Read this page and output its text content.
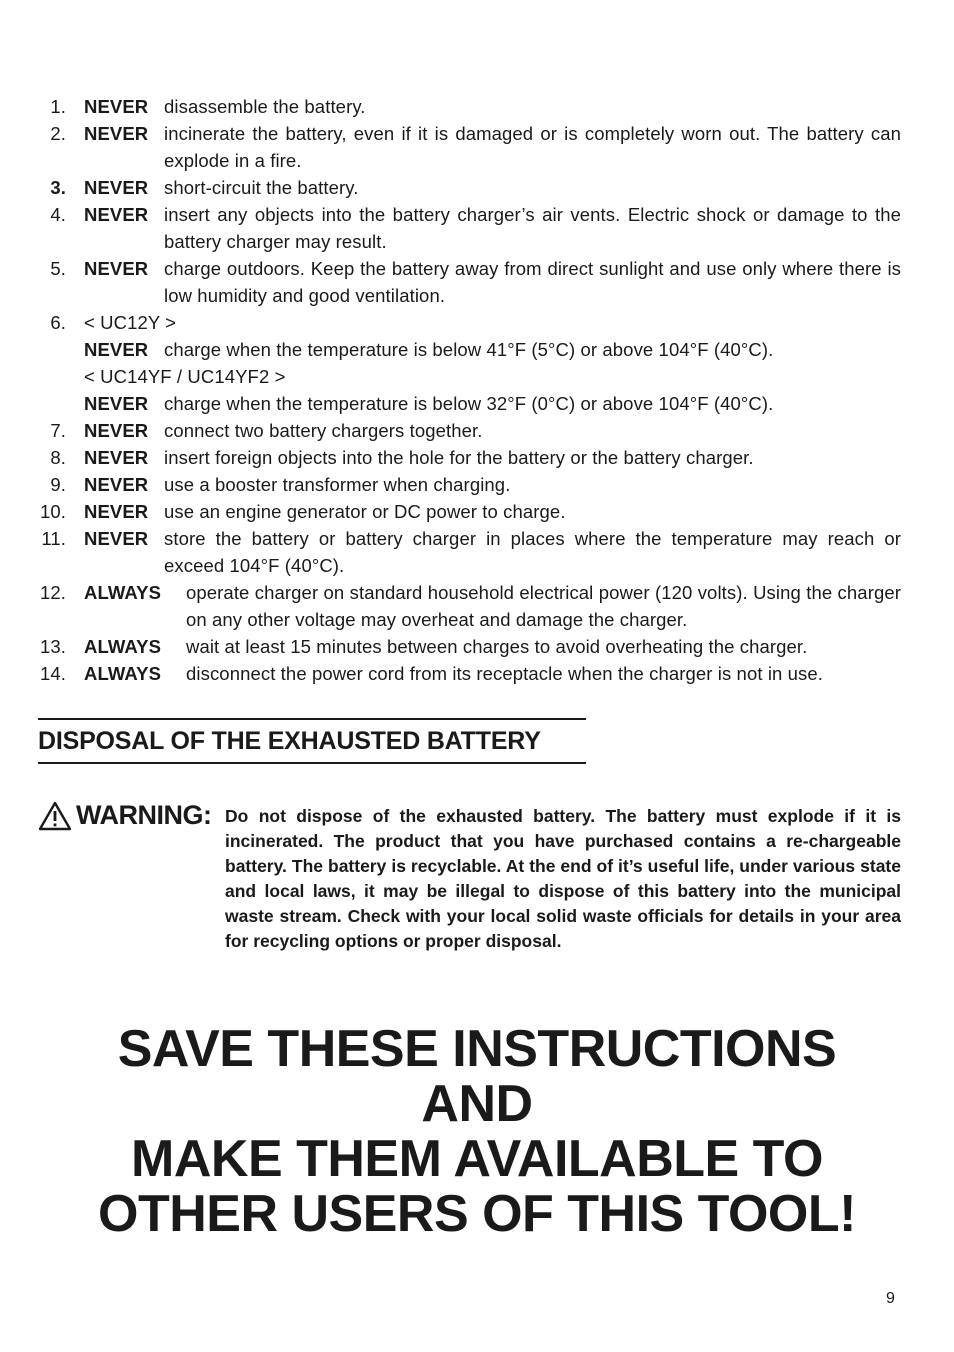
1. NEVER disassemble the battery.
2. NEVER incinerate the battery, even if it is damaged or is completely worn out. The battery can explode in a fire.
3. NEVER short-circuit the battery.
4. NEVER insert any objects into the battery charger’s air vents. Electric shock or damage to the battery charger may result.
5. NEVER charge outdoors. Keep the battery away from direct sunlight and use only where there is low humidity and good ventilation.
6. < UC12Y >
NEVER charge when the temperature is below 41°F (5°C) or above 104°F (40°C).
< UC14YF / UC14YF2 >
NEVER charge when the temperature is below 32°F (0°C) or above 104°F (40°C).
7. NEVER connect two battery chargers together.
8. NEVER insert foreign objects into the hole for the battery or the battery charger.
9. NEVER use a booster transformer when charging.
10. NEVER use an engine generator or DC power to charge.
11. NEVER store the battery or battery charger in places where the temperature may reach or exceed 104°F (40°C).
12. ALWAYS operate charger on standard household electrical power (120 volts). Using the charger on any other voltage may overheat and damage the charger.
13. ALWAYS wait at least 15 minutes between charges to avoid overheating the charger.
14. ALWAYS disconnect the power cord from its receptacle when the charger is not in use.
DISPOSAL OF THE EXHAUSTED BATTERY
WARNING: Do not dispose of the exhausted battery. The battery must explode if it is incinerated. The product that you have purchased contains a re-chargeable battery. The battery is recyclable. At the end of it’s useful life, under various state and local laws, it may be illegal to dispose of this battery into the municipal waste stream. Check with your local solid waste officials for details in your area for recycling options or proper disposal.
SAVE THESE INSTRUCTIONS
AND
MAKE THEM AVAILABLE TO
OTHER USERS OF THIS TOOL!
9
